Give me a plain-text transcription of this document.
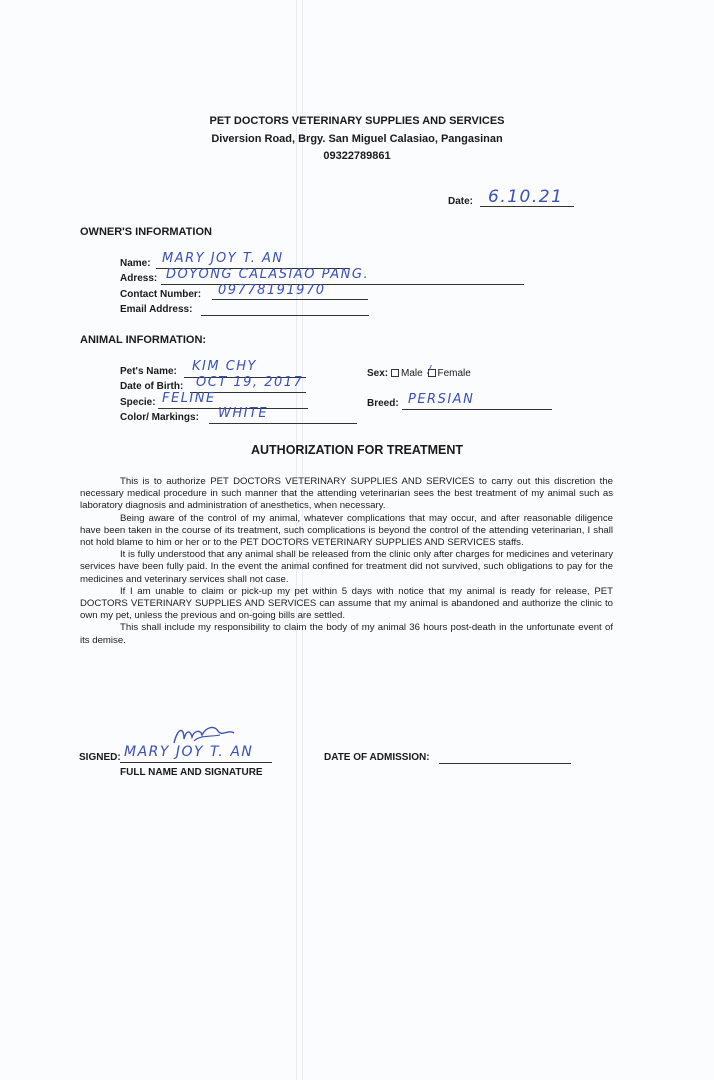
PET DOCTORS VETERINARY SUPPLIES AND SERVICES
Diversion Road, Brgy. San Miguel Calasiao, Pangasinan
09322789861
Date: 6.10.21
OWNER'S INFORMATION
Name: MARY JOY T. AN
Adress: DOYONG CALASIAO PANG.
Contact Number: 09778191970
Email Address:
ANIMAL INFORMATION:
Pet's Name: KIM CHY
Date of Birth: OCT 19, 2017
Specie: FELINE
Color/ Markings: WHITE
Sex:	Male / Female
Breed: PERSIAN
AUTHORIZATION FOR TREATMENT

This is to authorize PET DOCTORS VETERINARY SUPPLIES AND SERVICES to carry out this discretion the necessary medical procedure in such manner that the attending veterinarian sees the best treatment of my animal such as laboratory diagnosis and administration of anesthetics, when necessary.

Being aware of the control of my animal, whatever complications that may occur, and after reasonable diligence have been taken in the course of its treatment, such complications is beyond the control of the attending veterinarian, I shall not hold blame to him or her or to the PET DOCTORS VETERINARY SUPPLIES AND SERVICES staffs.

It is fully understood that any animal shall be released from the clinic only after charges for medicines and veterinary services have been fully paid. In the event the animal confined for treatment did not survived, such obligations to pay for the medicines and veterinary services shall not case.

If I am unable to claim or pick-up my pet within 5 days with notice that my animal is ready for release, PET DOCTORS VETERINARY SUPPLIES AND SERVICES can assume that my animal is abandoned and authorize the clinic to own my pet, unless the previous and on-going bills are settled.

This shall include my responsibility to claim the body of my animal 36 hours post-death in the unfortunate event of its demise.

SIGNED: MARY JOY T. AN
FULL NAME AND SIGNATURE
DATE OF ADMISSION:
